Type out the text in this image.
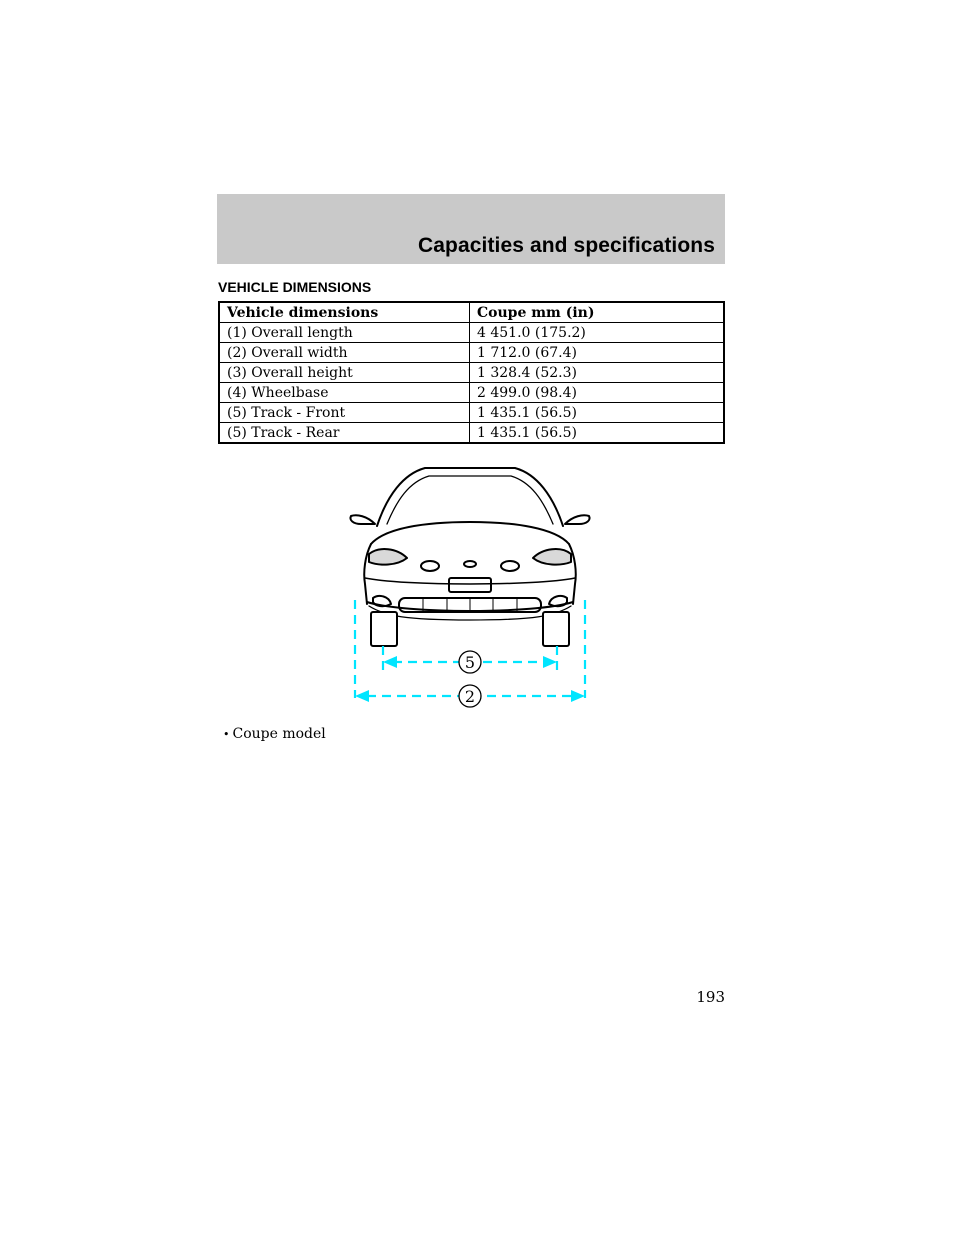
Capacities and specifications
VEHICLE DIMENSIONS
Vehicle dimensions	Coupe mm (in)
(1) Overall length	4 451.0 (175.2)
(2) Overall width	1 712.0 (67.4)
(3) Overall height	1 328.4 (52.3)
(4) Wheelbase	2 499.0 (98.4)
(5) Track - Front	1 435.1 (56.5)
(5) Track - Rear	1 435.1 (56.5)
5
2
• Coupe model
193
